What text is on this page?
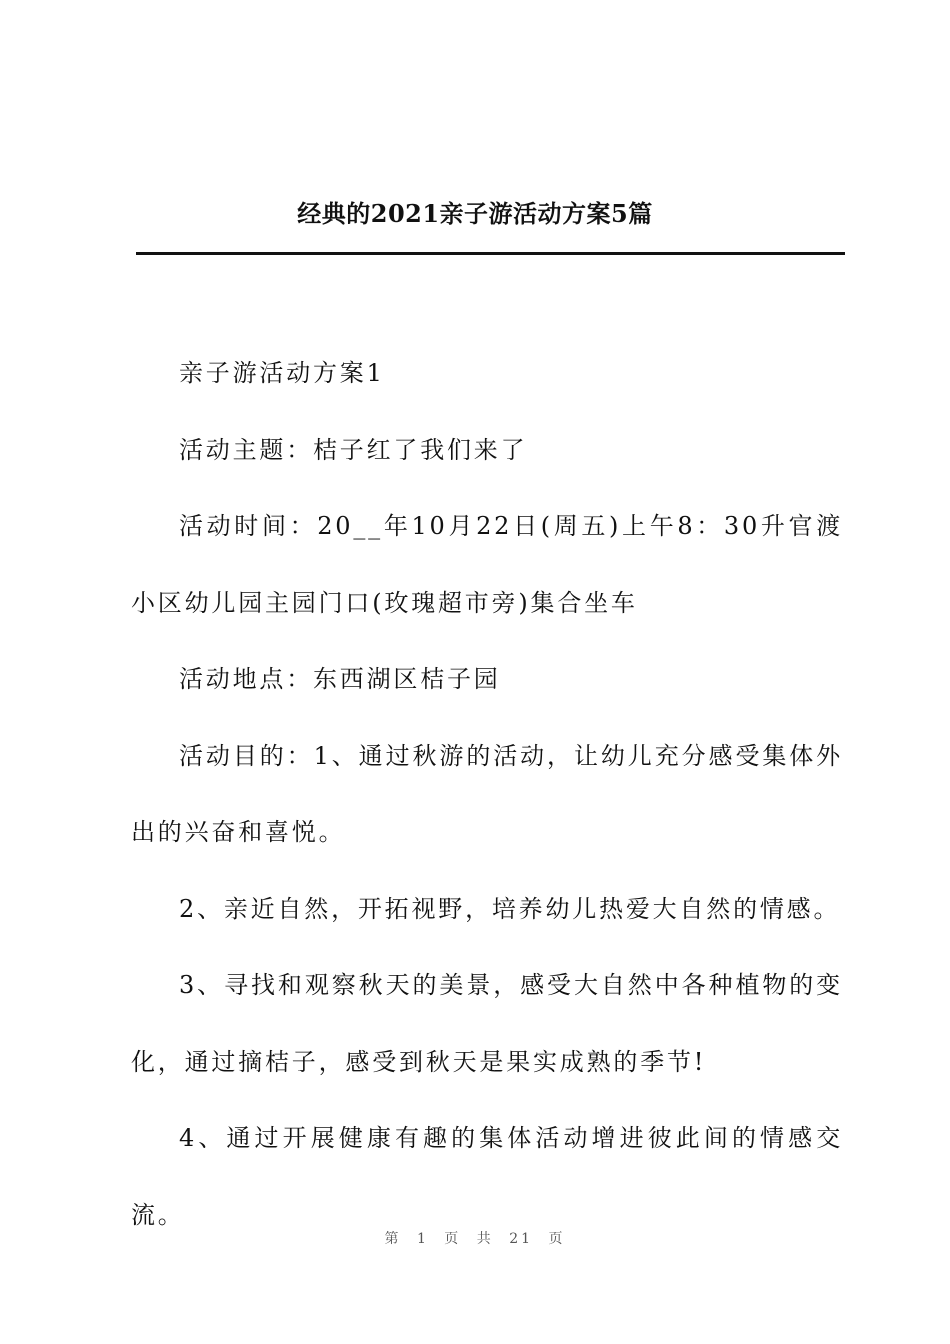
经典的2021亲子游活动方案5篇

亲子游活动方案1

活动主题：桔子红了我们来了

活动时间：20__年10月22日(周五)上午8：30升官渡小区幼儿园主园门口(玫瑰超市旁)集合坐车

活动地点：东西湖区桔子园

活动目的：1、通过秋游的活动，让幼儿充分感受集体外出的兴奋和喜悦。

2、亲近自然，开拓视野，培养幼儿热爱大自然的情感。

3、寻找和观察秋天的美景，感受大自然中各种植物的变化，通过摘桔子，感受到秋天是果实成熟的季节!

4、通过开展健康有趣的集体活动增进彼此间的情感交流。

第 1 页 共 21 页
